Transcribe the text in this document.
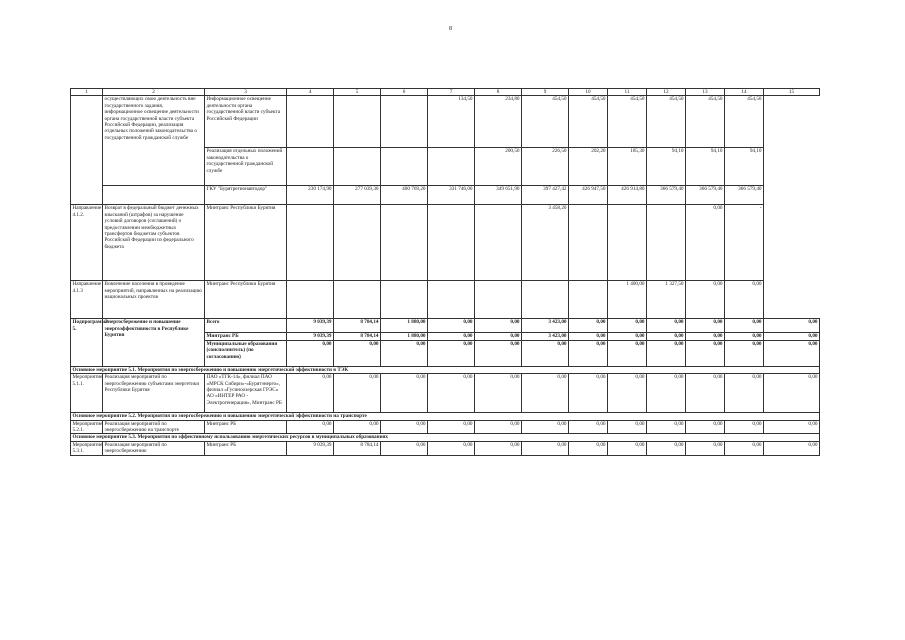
8
1	2	3	4	5	6	7	8	9	10	11	12	13	14	15
	осуществляющих свою деятельность вне государственного задания, информационное освещение деятельности органа государственной власти субъекта Российской Федерации, реализация отдельных положений законодательства о государственной гражданской службе	Информационное освещение деятельности органа государственной власти субъекта Российской Федерации				134,50	234,80	454,50	454,50	454,50	454,50	454,50	454,50	
		Реализация отдельных положений законодательства о государственной гражданской службе					200,50	226,50	202,20	185,30	94,10	94,10	94,10	
		ГКУ "Бурятрегионавтодор"	230 174,90	277 039,30	400 769,20	331 746,00	349 651,90	397 427,42	426 947,50	426 914,80	366 579,40	366 579,40	366 579,40	
Направление 4.1.2.	Возврат в федеральный бюджет денежных взысканий (штрафов) за нарушение условий договоров (соглашений) о предоставлении межбюджетных трансфертов бюджетам субъектов Российской Федерации из федерального бюджета	Минтранс Республики Бурятия						3 458,20				0,00	-	
Направление 4.1.3	Вовлечение населения в проведение мероприятий, направленных на реализацию национальных проектов	Минтранс Республики Бурятия								1 400,00	1 327,50	0,00	0,00	
Подпрограмма 5.	Энергосбережение и повышение энергоэффективности в Республике Бурятия	Всего	9 039,39	8 784,14	1 880,00	0,00	0,00	3 423,00	0,00	0,00	0,00	0,00	0,00	0,00
		Минтранс РБ	9 039,39	8 784,14	1 880,00	0,00	0,00	3 423,00	0,00	0,00	0,00	0,00	0,00	0,00
		Муниципальные образования (соисполнитель) (по согласованию)	0,00	0,00	0,00	0,00	0,00	0,00	0,00	0,00	0,00	0,00	0,00	0,00
Основное мероприятие 5.1. Мероприятия по энергосбережению и повышению энергетической эффективности в ТЭК														
Мероприятие 5.1.1.	Реализация мероприятий по энергосбережению субъектами энергетики Республики Бурятия	ПАО «ТГК-14», филиал ПАО «МРСК Сибири»-«Бурятэнерго», филиал «Гусиноозерская ГРЭС» АО «ИНТЕР РАО - Электрогенерация», Минтранс РБ	0,00	0,00	0,00	0,00	0,00	0,00	0,00	0,00	0,00	0,00	0,00	0,00
Основное мероприятие 5.2. Мероприятия по энергосбережению и повышению энергетической эффективности на транспорте														
Мероприятие 5.2.1.	Реализация мероприятий по энергосбережению на транспорте	Минтранс РБ	0,00	0,00	0,00	0,00	0,00	0,00	0,00	0,00	0,00	0,00	0,00	0,00
Основное мероприятие 5.3. Мероприятия по эффективному использованию энергетических ресурсов в муниципальных образованиях														
Мероприятие 5.3.1.	Реализация мероприятий по энергосбережению	Минтранс РБ	9 039,39	8 784,14	0,00	0,00	0,00	0,00	0,00	0,00	0,00	0,00	0,00	0,00
